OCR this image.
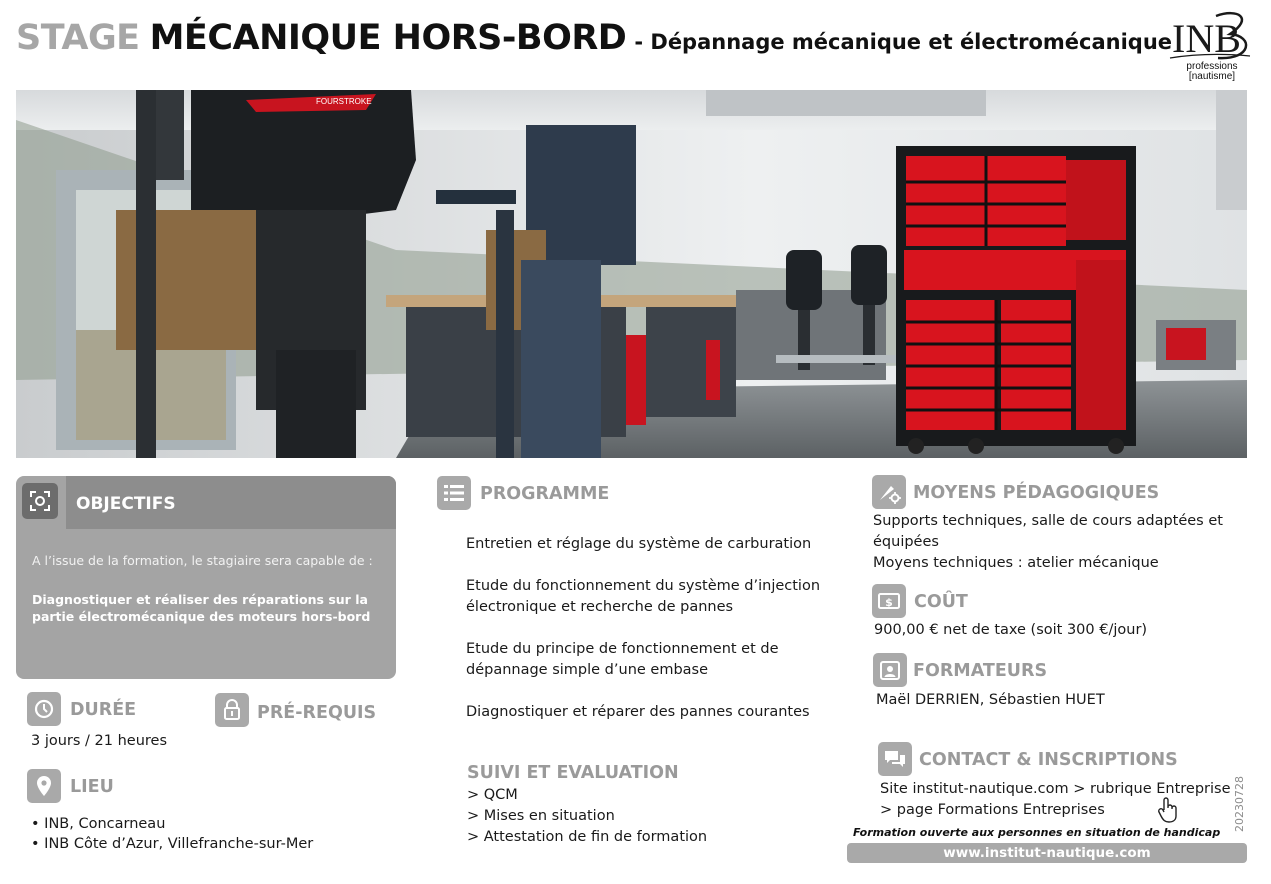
STAGE MÉCANIQUE HORS-BORD - Dépannage mécanique et électromécanique INB
professions
[nautisme]
FOURSTROKE
OBJECTIFS
A l’issue de la formation, le stagiaire sera capable de :
Diagnostiquer et réaliser des réparations sur la partie électromécanique des moteurs hors-bord
DURÉE
3 jours / 21 heures
PRÉ-REQUIS
LIEU
• INB, Concarneau
• INB Côte d’Azur, Villefranche-sur-Mer
PROGRAMME
Entretien et réglage du système de carburation
Etude du fonctionnement du système d’injection électronique et recherche de pannes
Etude du principe de fonctionnement et de dépannage simple d’une embase
Diagnostiquer et réparer des pannes courantes
SUIVI ET EVALUATION
> QCM
> Mises en situation
> Attestation de fin de formation
MOYENS PÉDAGOGIQUES
Supports techniques, salle de cours adaptées et
équipées
Moyens techniques : atelier mécanique
$ COÛT
900,00 € net de taxe (soit 300 €/jour)
FORMATEURS
Maël DERRIEN, Sébastien HUET
CONTACT & INSCRIPTIONS
Site institut-nautique.com > rubrique Entreprise
> page Formations Entreprises
Formation ouverte aux personnes en situation de handicap
www.institut-nautique.com
20230728
